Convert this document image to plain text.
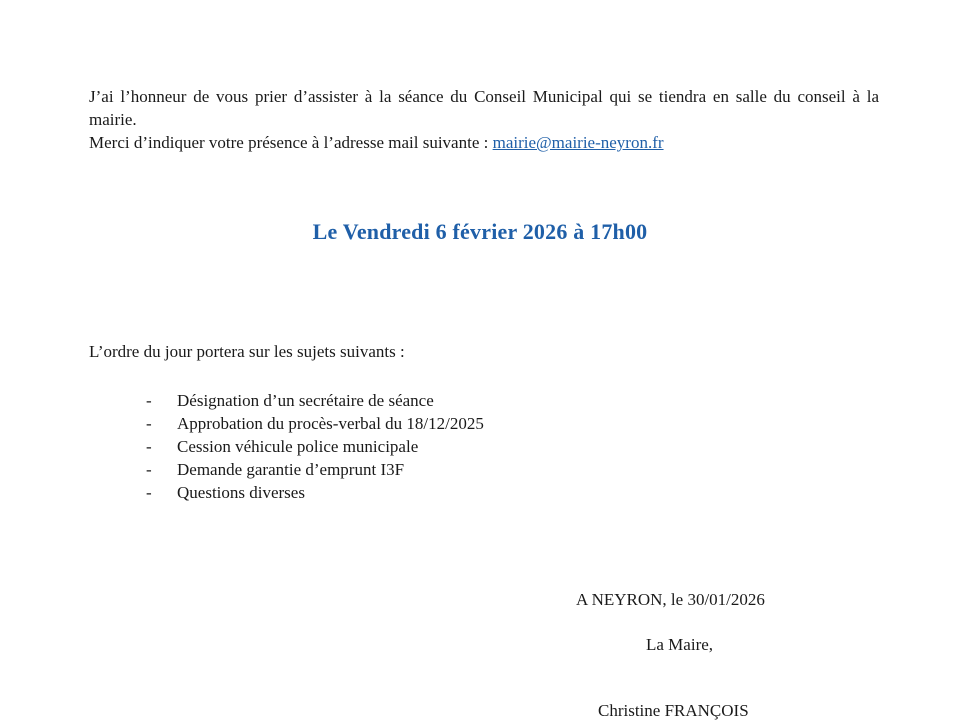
J’ai l’honneur de vous prier d’assister à la séance du Conseil Municipal qui se tiendra en salle du conseil à la mairie.

Merci d’indiquer votre présence à l’adresse mail suivante : mairie@mairie-neyron.fr

Le Vendredi 6 février 2026 à 17h00
L’ordre du jour portera sur les sujets suivants :
- Désignation d’un secrétaire de séance
- Approbation du procès-verbal du 18/12/2025
- Cession véhicule police municipale
- Demande garantie d’emprunt I3F
- Questions diverses
A NEYRON, le 30/01/2026
La Maire,
Christine FRANÇOIS
